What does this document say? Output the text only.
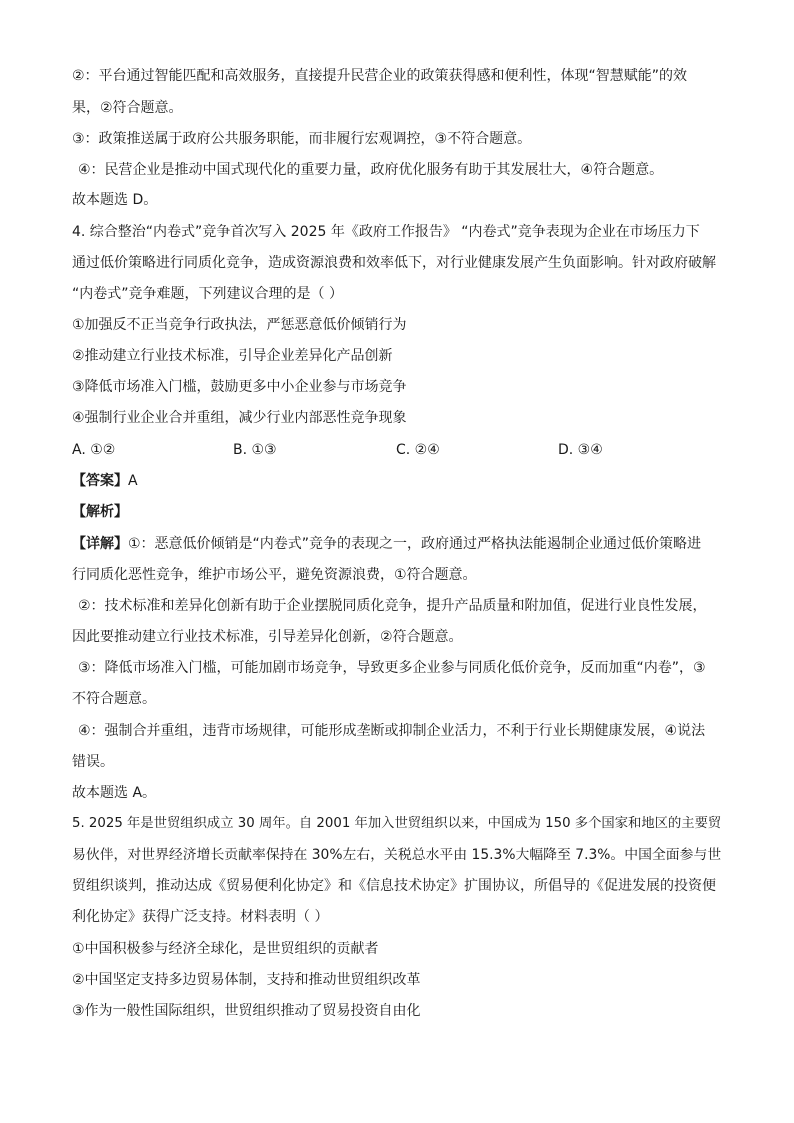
②：平台通过智能匹配和高效服务，直接提升民营企业的政策获得感和便利性，体现“智慧赋能”的效
果，②符合题意。
③：政策推送属于政府公共服务职能，而非履行宏观调控，③不符合题意。
④：民营企业是推动中国式现代化的重要力量，政府优化服务有助于其发展壮大，④符合题意。
故本题选 D。
4. 综合整治“内卷式”竞争首次写入 2025 年《政府工作报告》 “内卷式”竞争表现为企业在市场压力下
通过低价策略进行同质化竞争，造成资源浪费和效率低下，对行业健康发展产生负面影响。针对政府破解
“内卷式”竞争难题，下列建议合理的是（ ）
①加强反不正当竞争行政执法，严惩恶意低价倾销行为
②推动建立行业技术标准，引导企业差异化产品创新
③降低市场准入门槛，鼓励更多中小企业参与市场竞争
④强制行业企业合并重组，减少行业内部恶性竞争现象
A. ①②	B. ①③	C. ②④	D. ③④
【答案】A
【解析】
【详解】①：恶意低价倾销是“内卷式”竞争的表现之一，政府通过严格执法能遏制企业通过低价策略进
行同质化恶性竞争，维护市场公平，避免资源浪费，①符合题意。
②：技术标准和差异化创新有助于企业摆脱同质化竞争，提升产品质量和附加值，促进行业良性发展，
因此要推动建立行业技术标准，引导差异化创新，②符合题意。
③：降低市场准入门槛，可能加剧市场竞争，导致更多企业参与同质化低价竞争，反而加重“内卷”，③
不符合题意。
④：强制合并重组，违背市场规律，可能形成垄断或抑制企业活力，不利于行业长期健康发展，④说法
错误。
故本题选 A。
5. 2025 年是世贸组织成立 30 周年。自 2001 年加入世贸组织以来，中国成为 150 多个国家和地区的主要贸
易伙伴，对世界经济增长贡献率保持在 30%左右，关税总水平由 15.3%大幅降至 7.3%。中国全面参与世
贸组织谈判，推动达成《贸易便利化协定》和《信息技术协定》扩围协议，所倡导的《促进发展的投资便
利化协定》获得广泛支持。材料表明（ ）
①中国积极参与经济全球化，是世贸组织的贡献者
②中国坚定支持多边贸易体制，支持和推动世贸组织改革
③作为一般性国际组织，世贸组织推动了贸易投资自由化
